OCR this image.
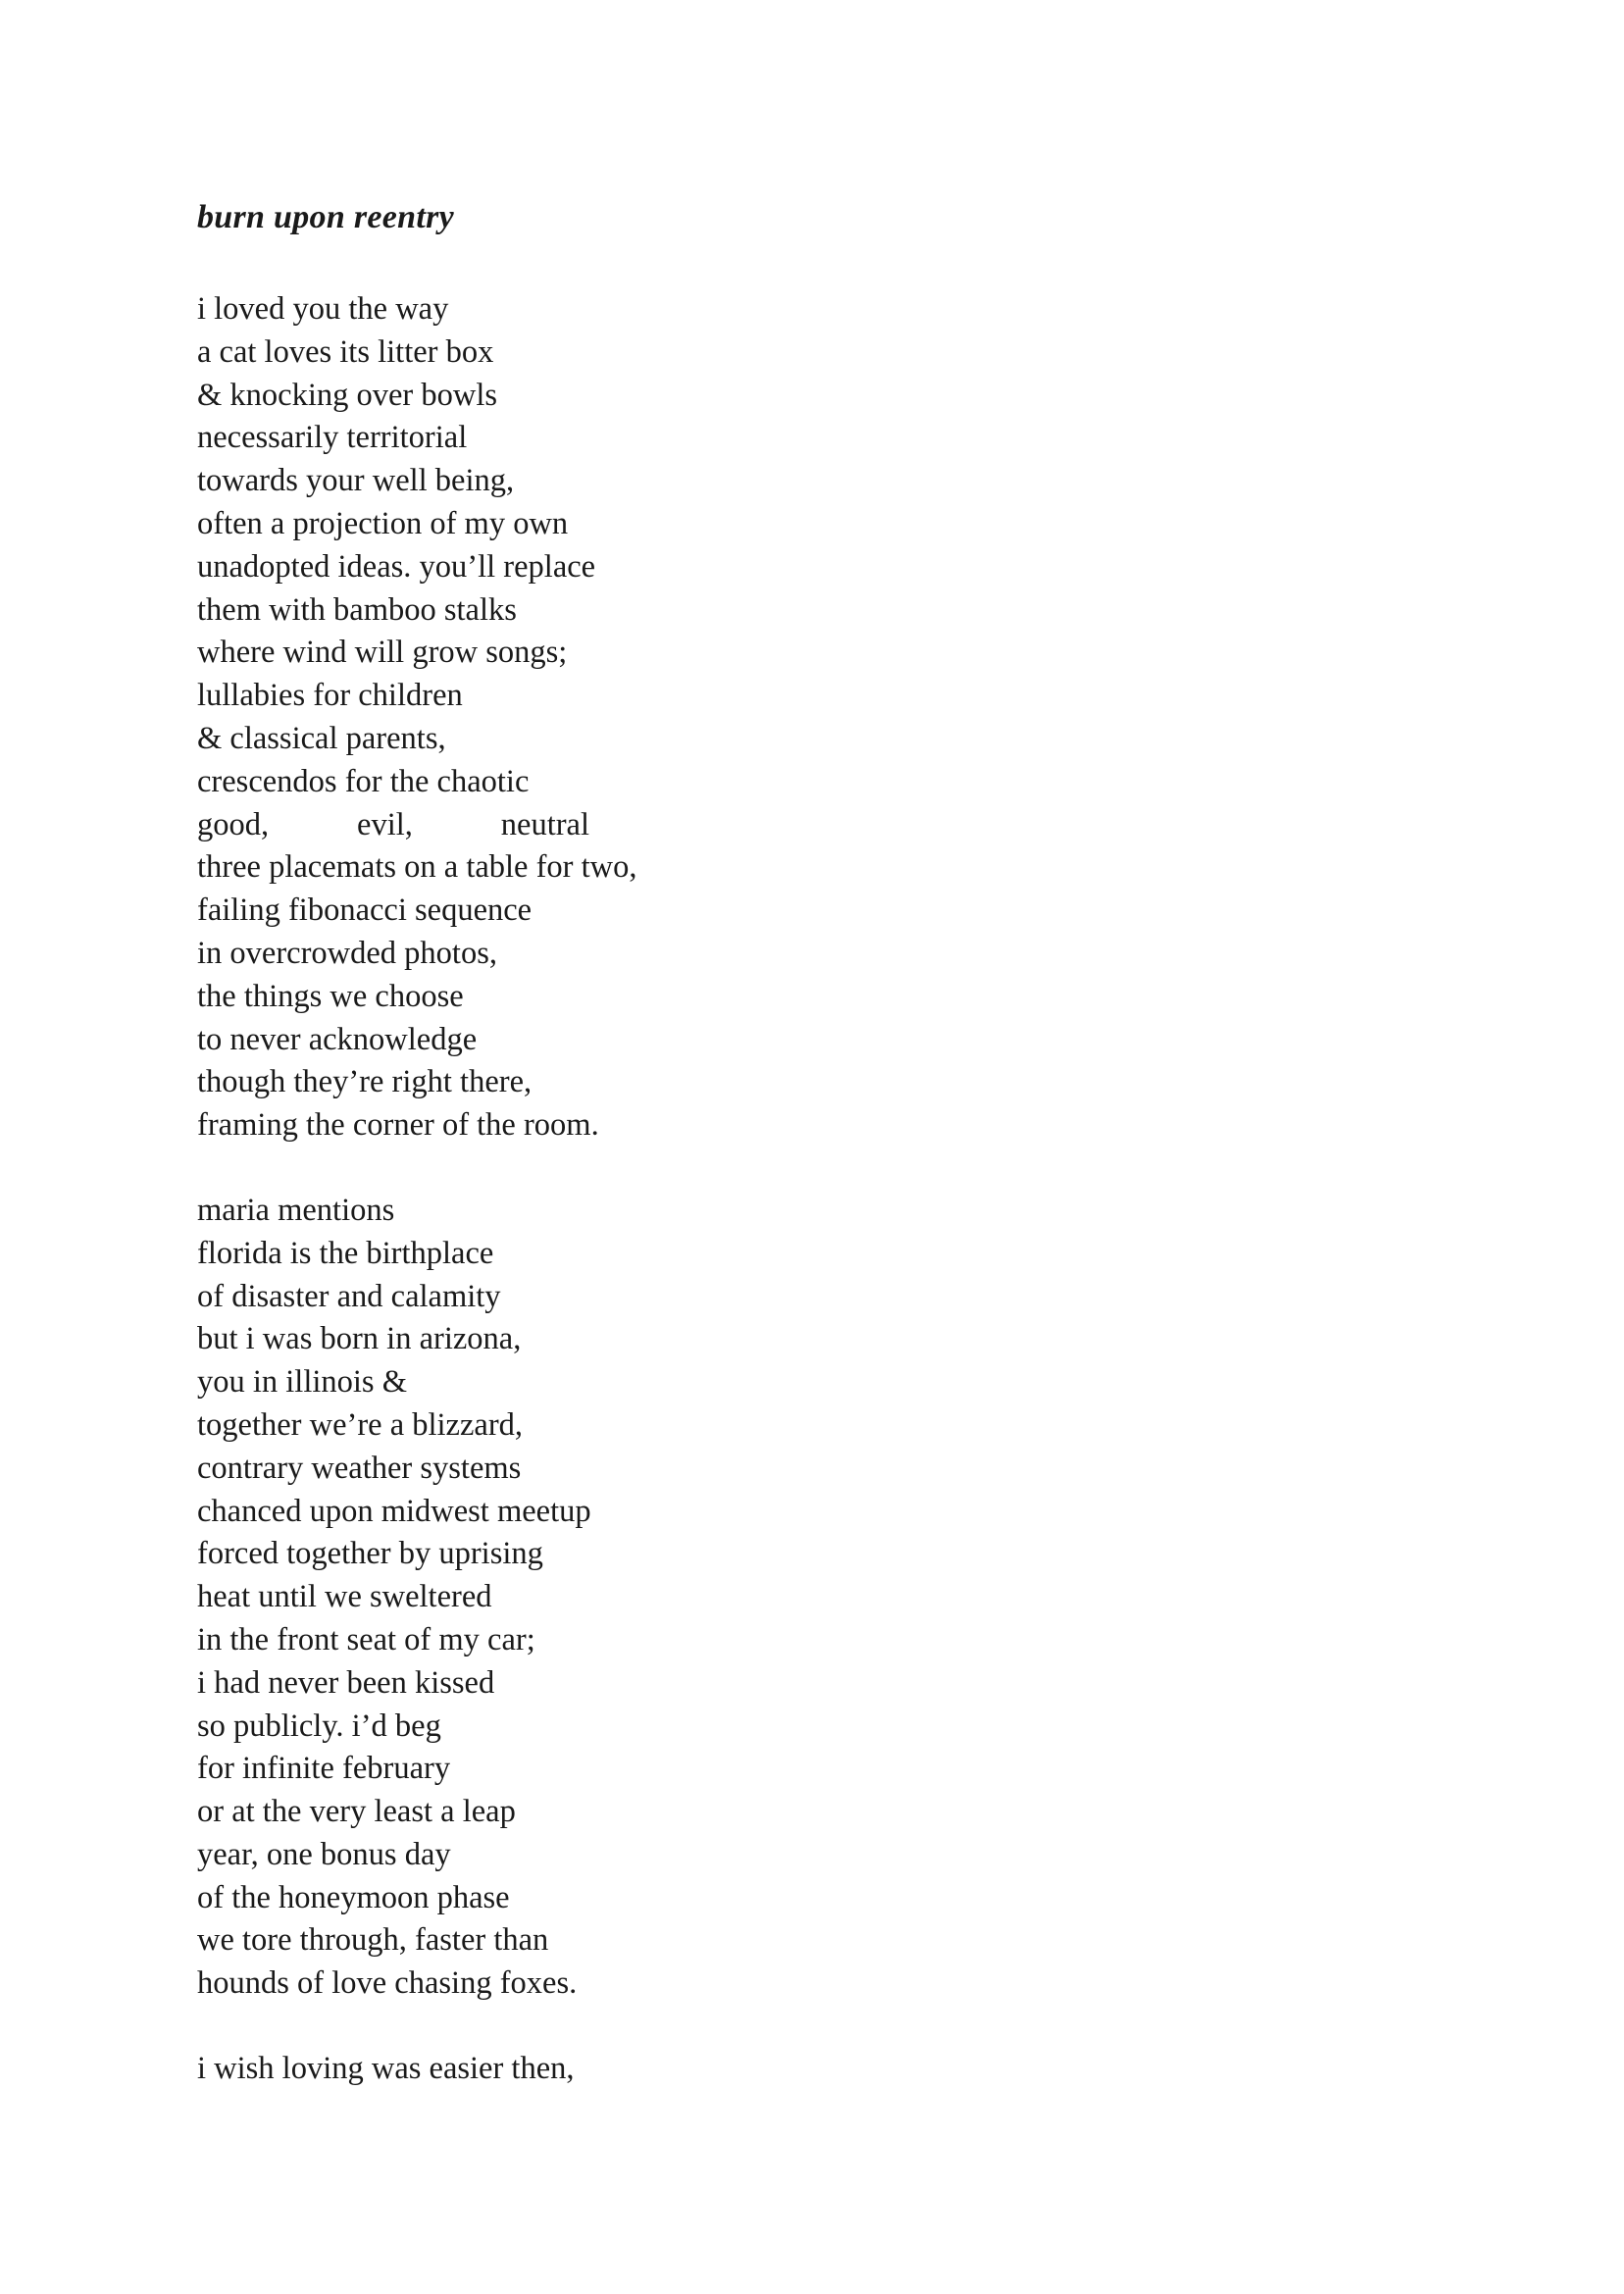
burn upon reentry
i loved you the way
a cat loves its litter box
& knocking over bowls
necessarily territorial
towards your well being,
often a projection of my own
unadopted ideas. you’ll replace
them with bamboo stalks
where wind will grow songs;
lullabies for children
& classical parents,
crescendos for the chaotic
good,	evil,	neutral
three placemats on a table for two,
failing fibonacci sequence
in overcrowded photos,
the things we choose
to never acknowledge
though they’re right there,
framing the corner of the room.
maria mentions
florida is the birthplace
of disaster and calamity
but i was born in arizona,
you in illinois &
together we’re a blizzard,
contrary weather systems
chanced upon midwest meetup
forced together by uprising
heat until we sweltered
in the front seat of my car;
i had never been kissed
so publicly. i’d beg
for infinite february
or at the very least a leap
year, one bonus day
of the honeymoon phase
we tore through, faster than
hounds of love chasing foxes.
i wish loving was easier then,
